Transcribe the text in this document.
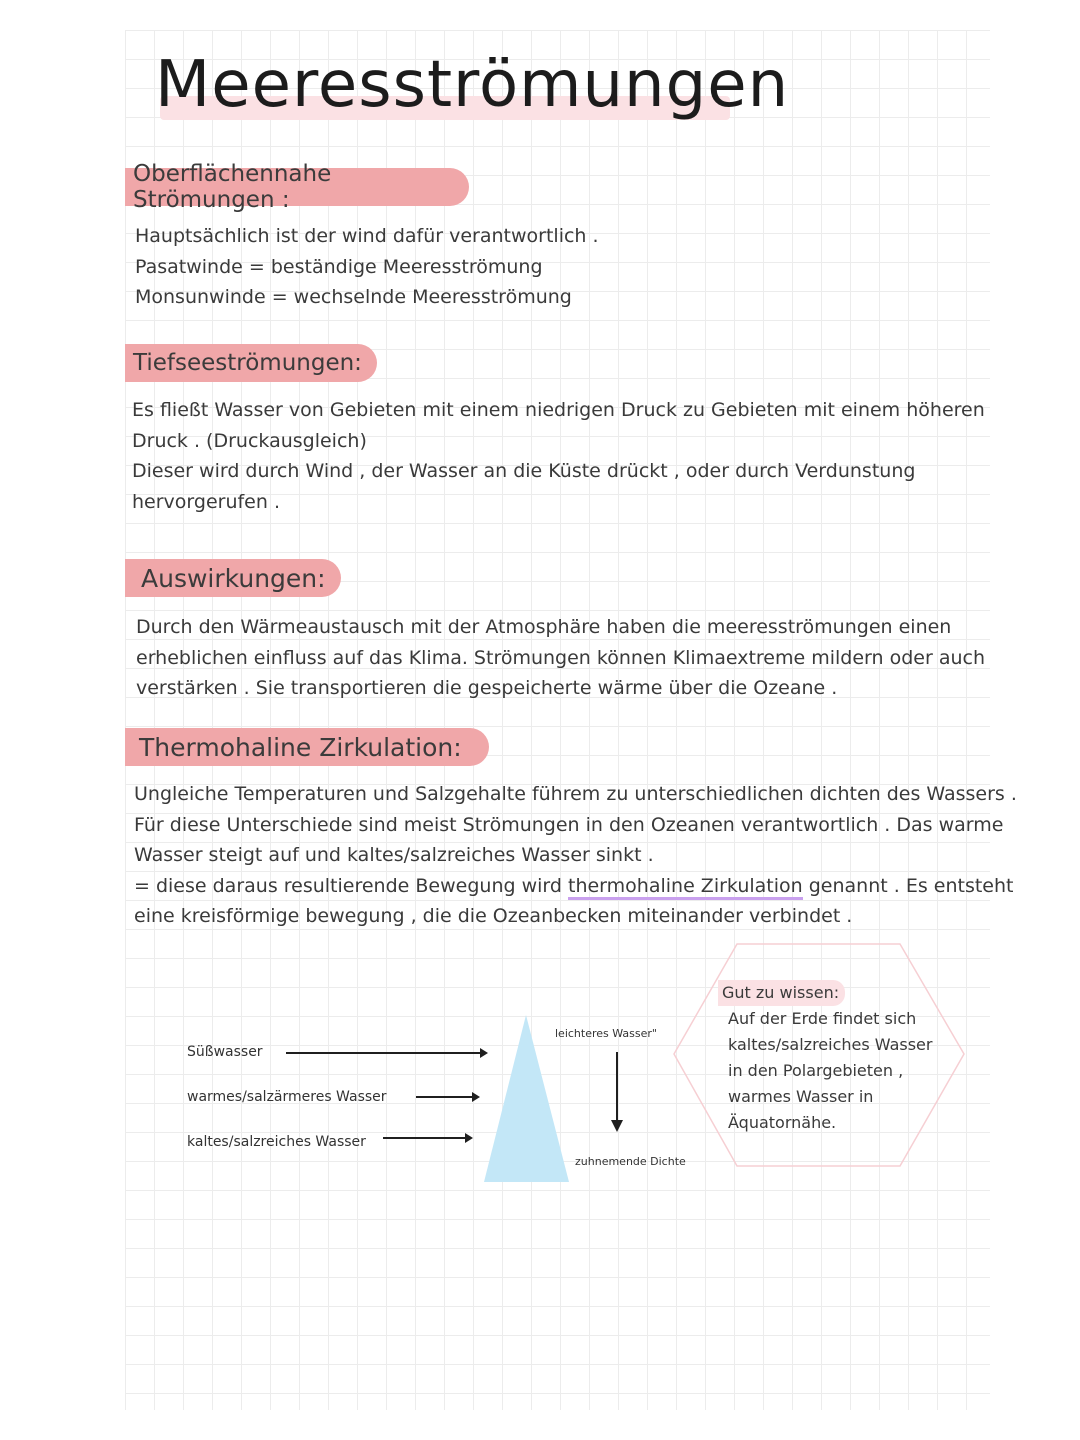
Meeresströmungen
Oberflächennahe Strömungen :

Hauptsächlich ist der wind dafür verantwortlich .

Pasatwinde = beständige Meeresströmung

Monsunwinde = wechselnde Meeresströmung

Tiefseeströmungen:

Es fließt Wasser von Gebieten mit einem niedrigen Druck zu Gebieten mit einem höheren

Druck . (Druckausgleich)

Dieser wird durch Wind , der Wasser an die Küste drückt , oder durch Verdunstung

hervorgerufen .

Auswirkungen:

Durch den Wärmeaustausch mit der Atmosphäre haben die meeresströmungen einen

erheblichen einfluss auf das Klima. Strömungen können Klimaextreme mildern oder auch

verstärken . Sie transportieren die gespeicherte wärme über die Ozeane .

Thermohaline Zirkulation:

Ungleiche Temperaturen und Salzgehalte führem zu unterschiedlichen dichten des Wassers .

Für diese Unterschiede sind meist Strömungen in den Ozeanen verantwortlich . Das warme

Wasser steigt auf und kaltes/salzreiches Wasser sinkt .

= diese daraus resultierende Bewegung wird thermohaline Zirkulation genannt . Es entsteht

eine kreisförmige bewegung , die die Ozeanbecken miteinander verbindet .

Süßwasser
warmes/salzärmeres Wasser
kaltes/salzreiches Wasser
leichteres Wasser"
zuhnemende Dichte
Gut zu wissen:
Auf der Erde findet sich
kaltes/salzreiches Wasser
in den Polargebieten ,
warmes Wasser in
Äquatornähe.
